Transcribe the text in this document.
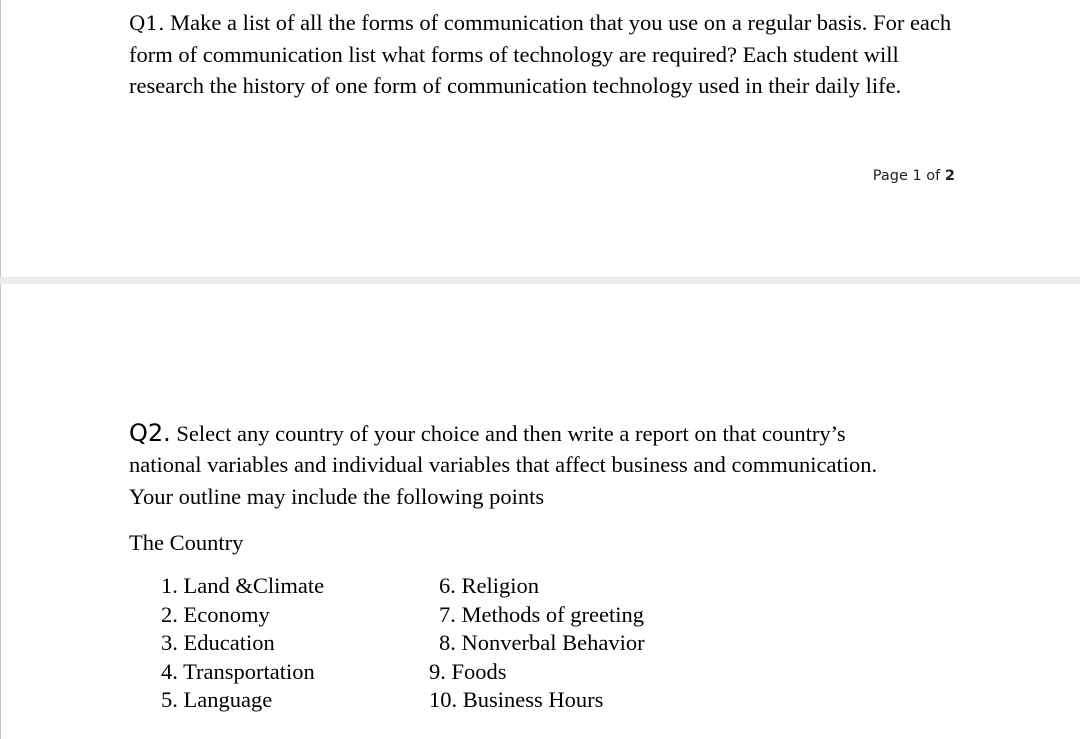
Q1. Make a list of all the forms of communication that you use on a regular basis. For each form of communication list what forms of technology are required? Each student will research the history of one form of communication technology used in their daily life.
Page 1 of 2
Q2. Select any country of your choice and then write a report on that country’s
national variables and individual variables that affect business and communication.
Your outline may include the following points
The Country
1. Land &Climate
2. Economy
3. Education
4. Transportation
5. Language
6. Religion
7. Methods of greeting
8. Nonverbal Behavior
9. Foods
10. Business Hours
